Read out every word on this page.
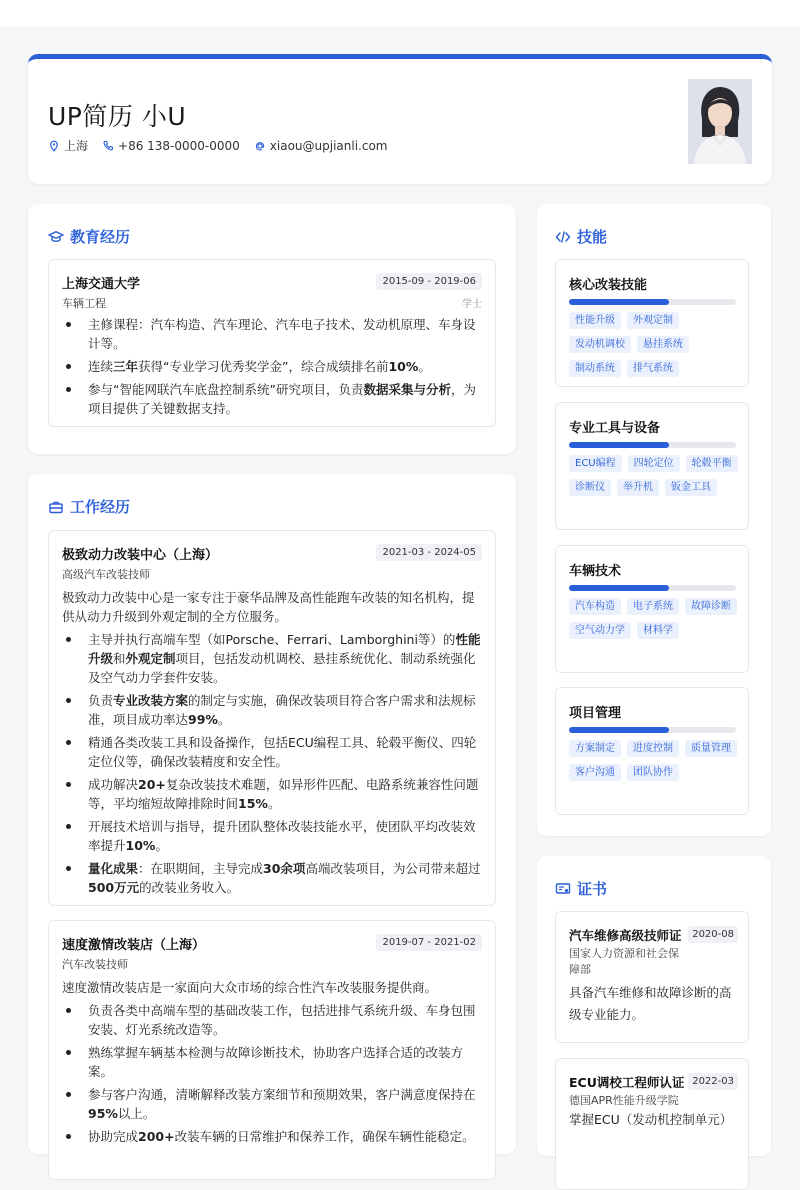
UP简历 小U
上海	+86 138-0000-0000	xiaou@upjianli.com
教育经历
上海交通大学	2015-09 - 2019-06
车辆工程	学士
主修课程：汽车构造、汽车理论、汽车电子技术、发动机原理、车身设计等。
连续三年获得“专业学习优秀奖学金”，综合成绩排名前10%。
参与“智能网联汽车底盘控制系统”研究项目，负责数据采集与分析，为项目提供了关键数据支持。
工作经历
极致动力改装中心（上海）	2021-03 - 2024-05
高级汽车改装技师

极致动力改装中心是一家专注于豪华品牌及高性能跑车改装的知名机构，提供从动力升级到外观定制的全方位服务。

主导并执行高端车型（如Porsche、Ferrari、Lamborghini等）的性能升级和外观定制项目，包括发动机调校、悬挂系统优化、制动系统强化及空气动力学套件安装。
负责专业改装方案的制定与实施，确保改装项目符合客户需求和法规标准，项目成功率达99%。
精通各类改装工具和设备操作，包括ECU编程工具、轮毂平衡仪、四轮定位仪等，确保改装精度和安全性。
成功解决20+复杂改装技术难题，如异形件匹配、电路系统兼容性问题等，平均缩短故障排除时间15%。
开展技术培训与指导，提升团队整体改装技能水平，使团队平均改装效率提升10%。
量化成果：在职期间，主导完成30余项高端改装项目，为公司带来超过500万元的改装业务收入。
速度激情改装店（上海）	2019-07 - 2021-02
汽车改装技师

速度激情改装店是一家面向大众市场的综合性汽车改装服务提供商。

负责各类中高端车型的基础改装工作，包括进排气系统升级、车身包围安装、灯光系统改造等。
熟练掌握车辆基本检测与故障诊断技术，协助客户选择合适的改装方案。
参与客户沟通，清晰解释改装方案细节和预期效果，客户满意度保持在95%以上。
协助完成200+改装车辆的日常维护和保养工作，确保车辆性能稳定。
技能
核心改装技能
性能升级	外观定制
发动机调校	悬挂系统
制动系统	排气系统
专业工具与设备
ECU编程	四轮定位	轮毂平衡
诊断仪	举升机	钣金工具
车辆技术
汽车构造	电子系统	故障诊断
空气动力学	材料学
项目管理
方案制定	进度控制	质量管理
客户沟通	团队协作
证书
汽车维修高级技师证	2020-08
国家人力资源和社会保障部
具备汽车维修和故障诊断的高级专业能力。
ECU调校工程师认证 2022-03
德国APR性能升级学院
掌握ECU（发动机控制单元）
